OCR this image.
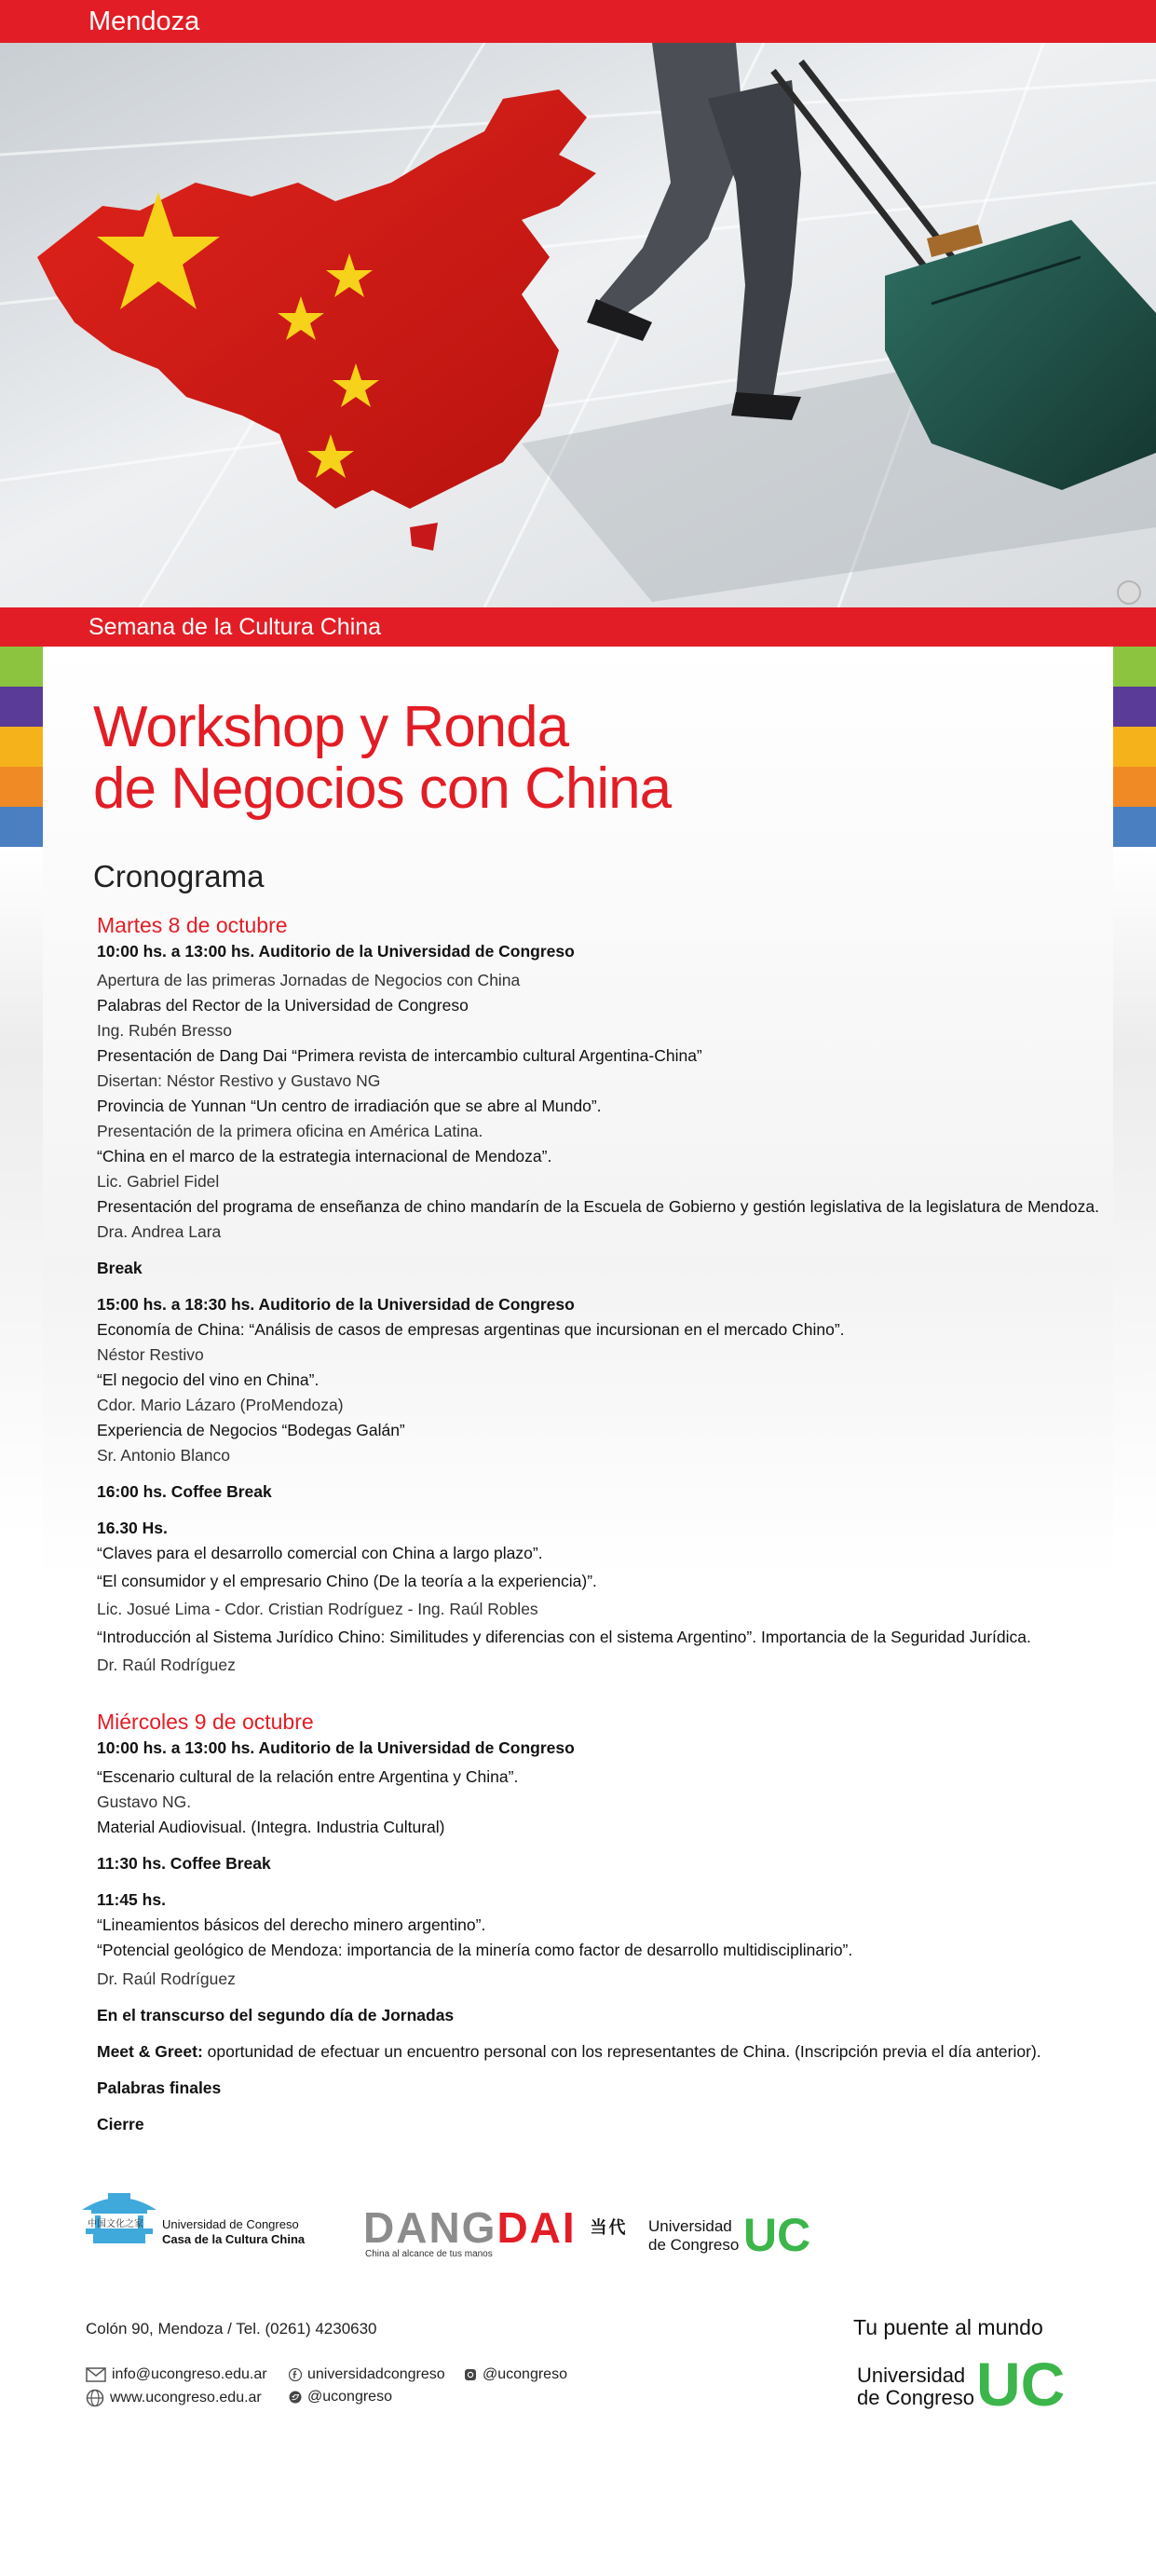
Mendoza
Semana de la Cultura China
Workshop y Ronda
de Negocios con China
Cronograma
Martes 8 de octubre
10:00 hs. a 13:00 hs. Auditorio de la Universidad de Congreso
Apertura de las primeras Jornadas de Negocios con China
Palabras del Rector de la Universidad de Congreso
Ing. Rubén Bresso
Presentación de Dang Dai “Primera revista de intercambio cultural Argentina-China”
Disertan: Néstor Restivo y Gustavo NG
Provincia de Yunnan “Un centro de irradiación que se abre al Mundo”.
Presentación de la primera oficina en América Latina.
“China en el marco de la estrategia internacional de Mendoza”.
Lic. Gabriel Fidel
Presentación del programa de enseñanza de chino mandarín de la Escuela de Gobierno y gestión legislativa de la legislatura de Mendoza.
Dra. Andrea Lara
Break
15:00 hs. a 18:30 hs. Auditorio de la Universidad de Congreso
Economía de China: “Análisis de casos de empresas argentinas que incursionan en el mercado Chino”.
Néstor Restivo
“El negocio del vino en China”.
Cdor. Mario Lázaro (ProMendoza)
Experiencia de Negocios “Bodegas Galán”
Sr. Antonio Blanco
16:00 hs. Coffee Break
16.30 Hs.
“Claves para el desarrollo comercial con China a largo plazo”.
“El consumidor y el empresario Chino (De la teoría a la experiencia)”.
Lic. Josué Lima - Cdor. Cristian Rodríguez - Ing. Raúl Robles
“Introducción al Sistema Jurídico Chino: Similitudes y diferencias con el sistema Argentino”. Importancia de la Seguridad Jurídica.
Dr. Raúl Rodríguez
Miércoles 9 de octubre
10:00 hs. a 13:00 hs. Auditorio de la Universidad de Congreso
“Escenario cultural de la relación entre Argentina y China”.
Gustavo NG.
Material Audiovisual. (Integra. Industria Cultural)
11:30 hs. Coffee Break
11:45 hs.
“Lineamientos básicos del derecho minero argentino”.
“Potencial geológico de Mendoza: importancia de la minería como factor de desarrollo multidisciplinario”.
Dr. Raúl Rodríguez
En el transcurso del segundo día de Jornadas
Meet & Greet: oportunidad de efectuar un encuentro personal con los representantes de China. (Inscripción previa el día anterior).
Palabras finales
Cierre
中国文化之家 Universidad de Congreso
Casa de la Cultura China DANGDAI $^{当代}$
China al alcance de tus manos
Universidad
de Congreso UC
Colón 90, Mendoza / Tel. (0261) 4230630	Tu puente al mundo
Universidad
de Congreso UC
info@ucongreso.edu.ar
www.ucongreso.edu.ar
universidadcongreso
@ucongreso
@ucongreso
